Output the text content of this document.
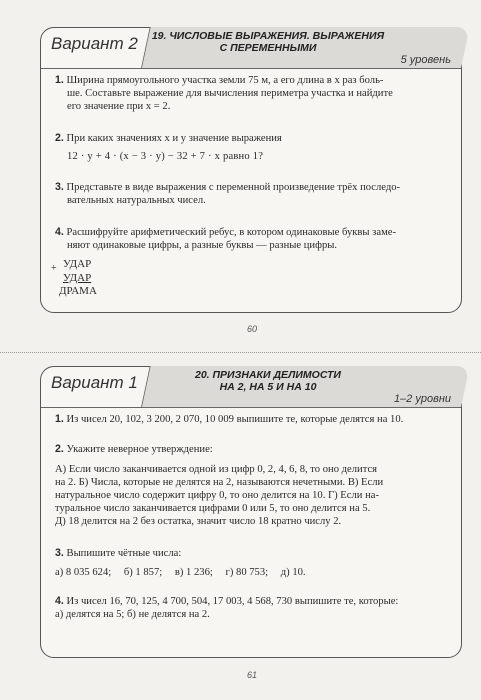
Вариант 2 19. ЧИСЛОВЫЕ ВЫРАЖЕНИЯ. ВЫРАЖЕНИЯ
С ПЕРЕМЕННЫМИ
5 уровень
1. Ширина прямоугольного участка земли 75 м, а его длина в x раз боль-
ше. Составьте выражение для вычисления периметра участка и найдите
его значение при x = 2.
2. При каких значениях x и y значение выражения
12 · y + 4 · (x − 3 · y) − 32 + 7 · x равно 1?
3. Представьте в виде выражения с переменной произведение трёх последо-
вательных натуральных чисел.
4. Расшифруйте арифметический ребус, в котором одинаковые буквы заме-
няют одинаковые цифры, а разные буквы — разные цифры.
+ УДАР
УДАР
ДРАМА
60
Вариант 1	20. ПРИЗНАКИ ДЕЛИМОСТИ
НА 2, НА 5 И НА 10
1–2 уровни
1. Из чисел 20, 102, 3 200, 2 070, 10 009 выпишите те, которые делятся на 10.
2. Укажите неверное утверждение:
А) Если число заканчивается одной из цифр 0, 2, 4, 6, 8, то оно делится
на 2. Б) Числа, которые не делятся на 2, называются нечетными. В) Если
натуральное число содержит цифру 0, то оно делится на 10. Г) Если на-
туральное число заканчивается цифрами 0 или 5, то оно делится на 5.
Д) 18 делится на 2 без остатка, значит число 18 кратно числу 2.
3. Выпишите чётные числа:
а) 8 035 624; б) 1 857; в) 1 236; г) 80 753; д) 10.
4. Из чисел 16, 70, 125, 4 700, 504, 17 003, 4 568, 730 выпишите те, которые:
а) делятся на 5; б) не делятся на 2.
61
